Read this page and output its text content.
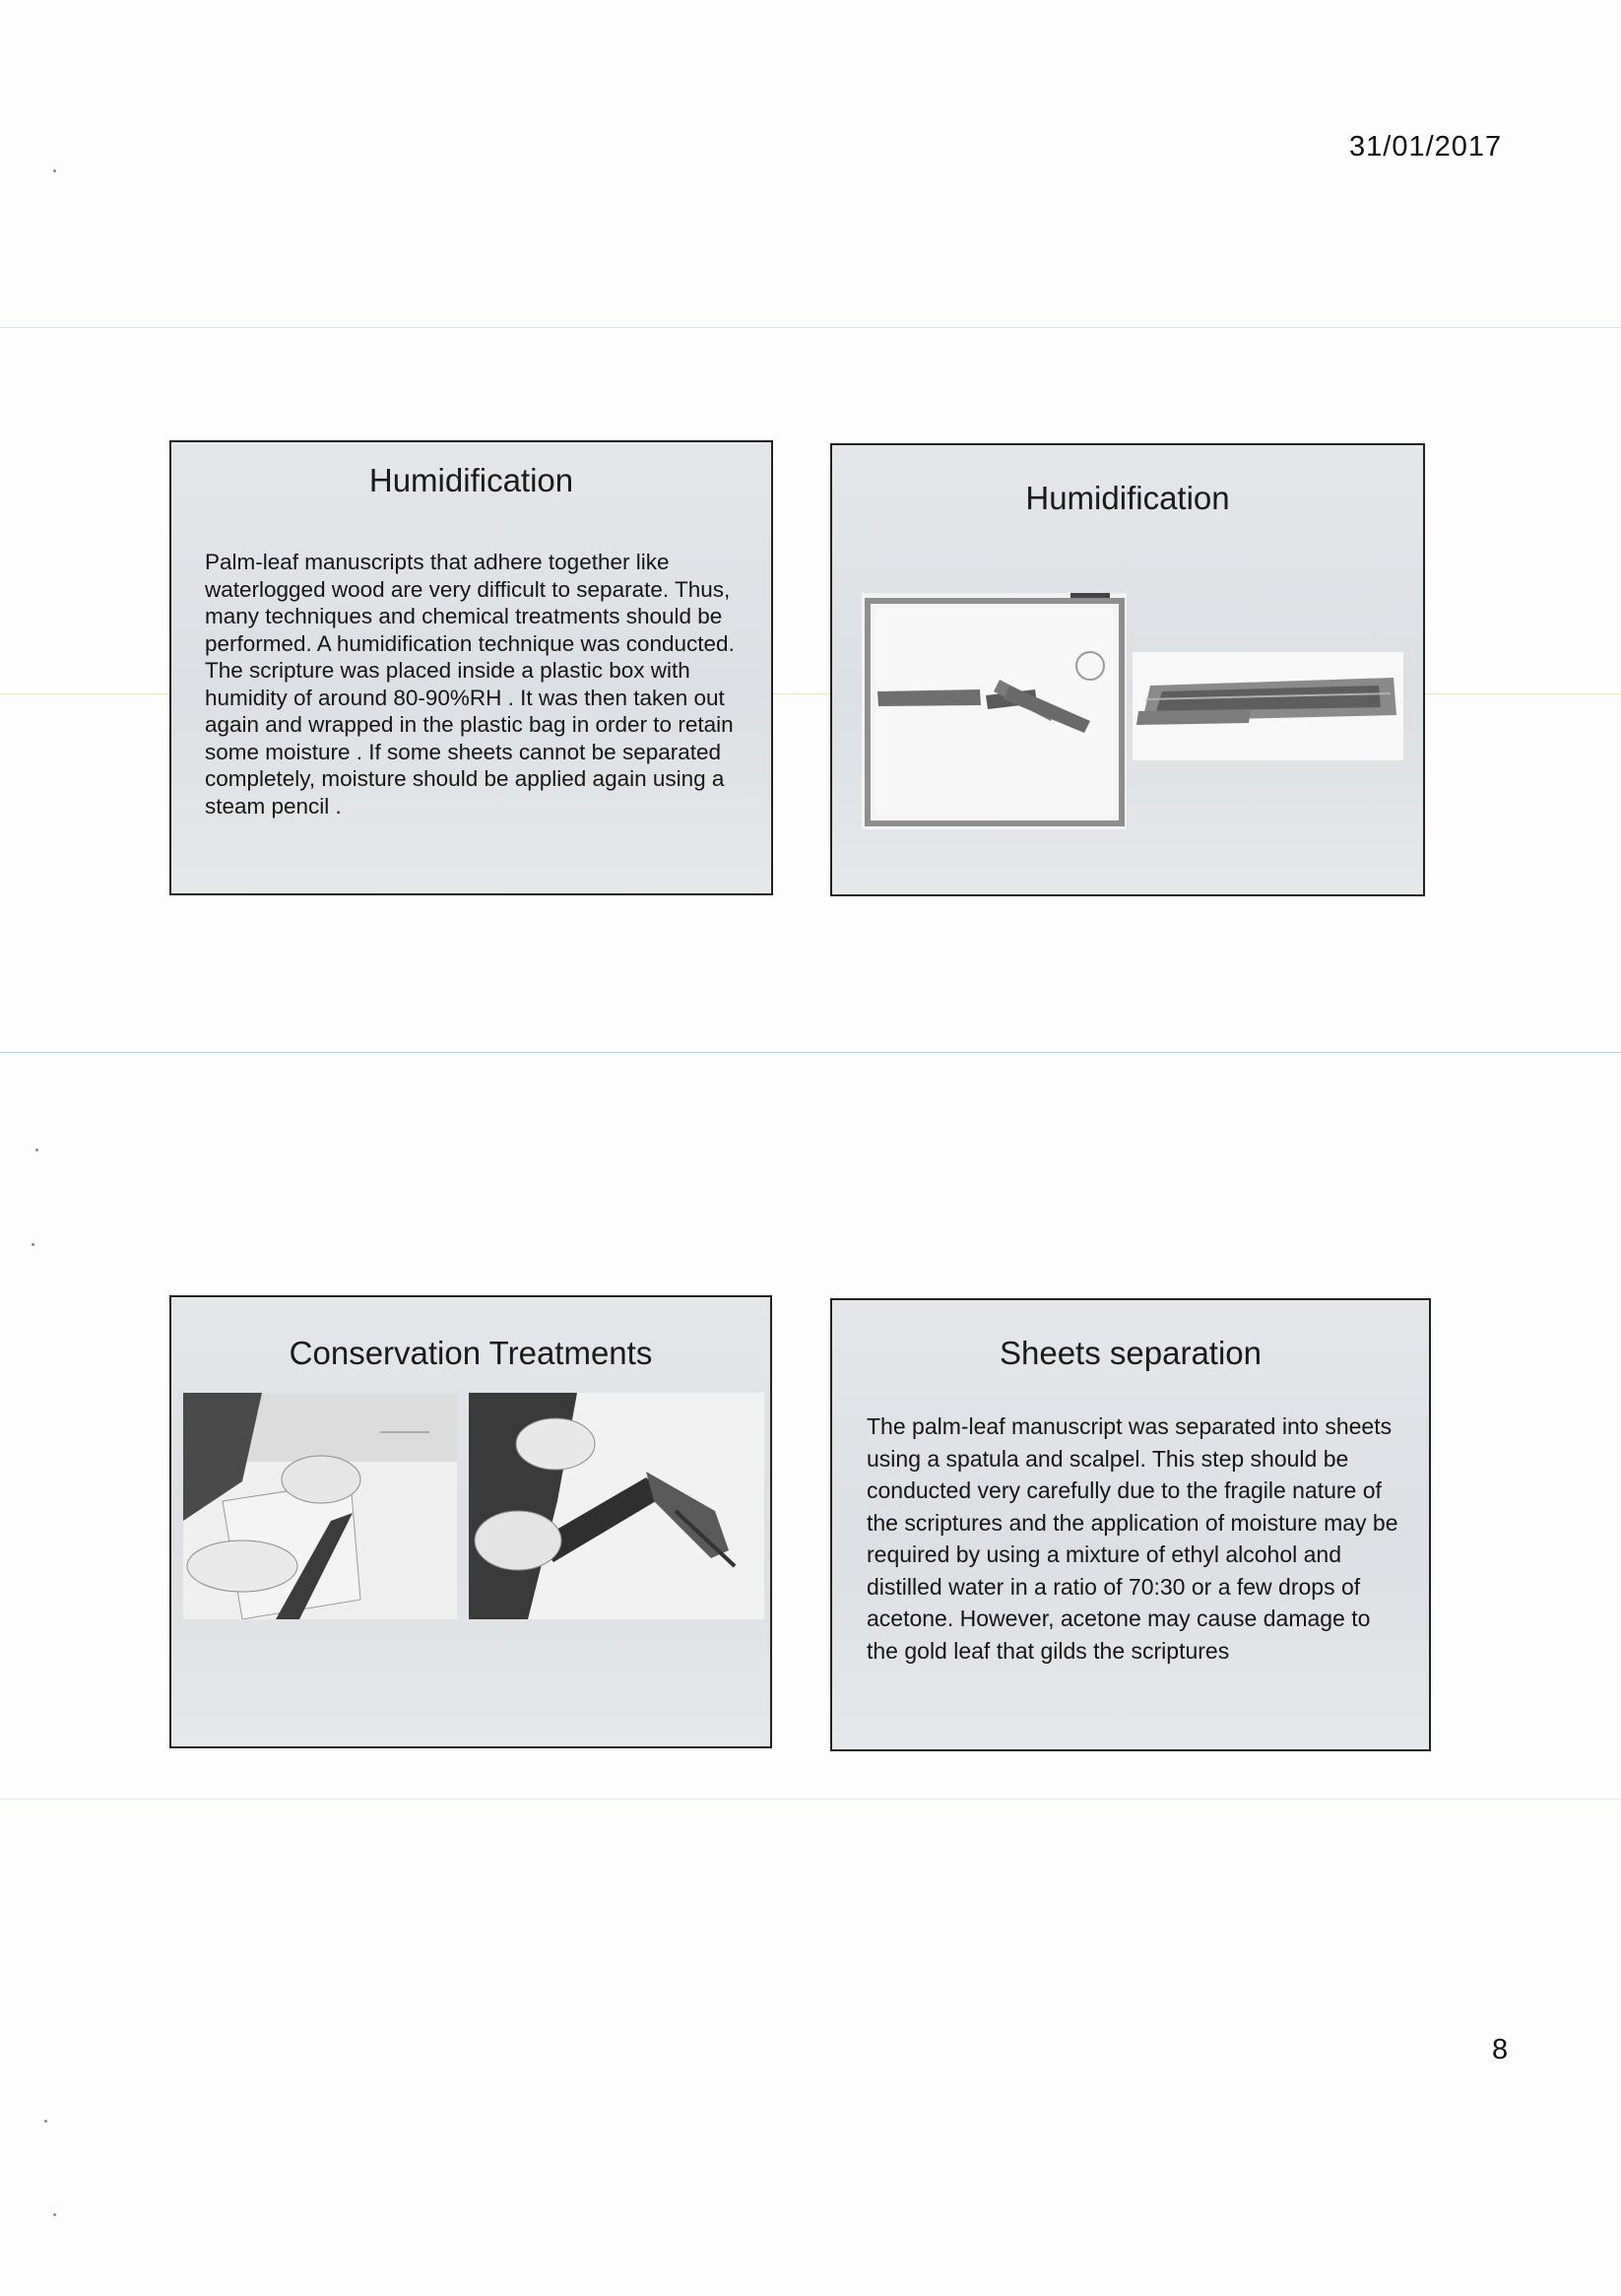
31/01/2017
8
Humidification
Palm-leaf manuscripts that adhere together like waterlogged wood are very difficult to separate. Thus, many techniques and chemical treatments should be performed. A humidification technique was conducted. The scripture was placed inside a plastic box with humidity of around 80-90%RH . It was then taken out again and wrapped in the plastic bag in order to retain some moisture . If some sheets cannot be separated completely, moisture should be applied again using a steam pencil .
Humidification
Conservation Treatments	Sheets separation
The palm-leaf manuscript was separated into sheets using a spatula and scalpel. This step should be conducted very carefully due to the fragile nature of the scriptures and the application of moisture may be required by using a mixture of ethyl alcohol and distilled water in a ratio of 70:30 or a few drops of acetone. However, acetone may cause damage to the gold leaf that gilds the scriptures
